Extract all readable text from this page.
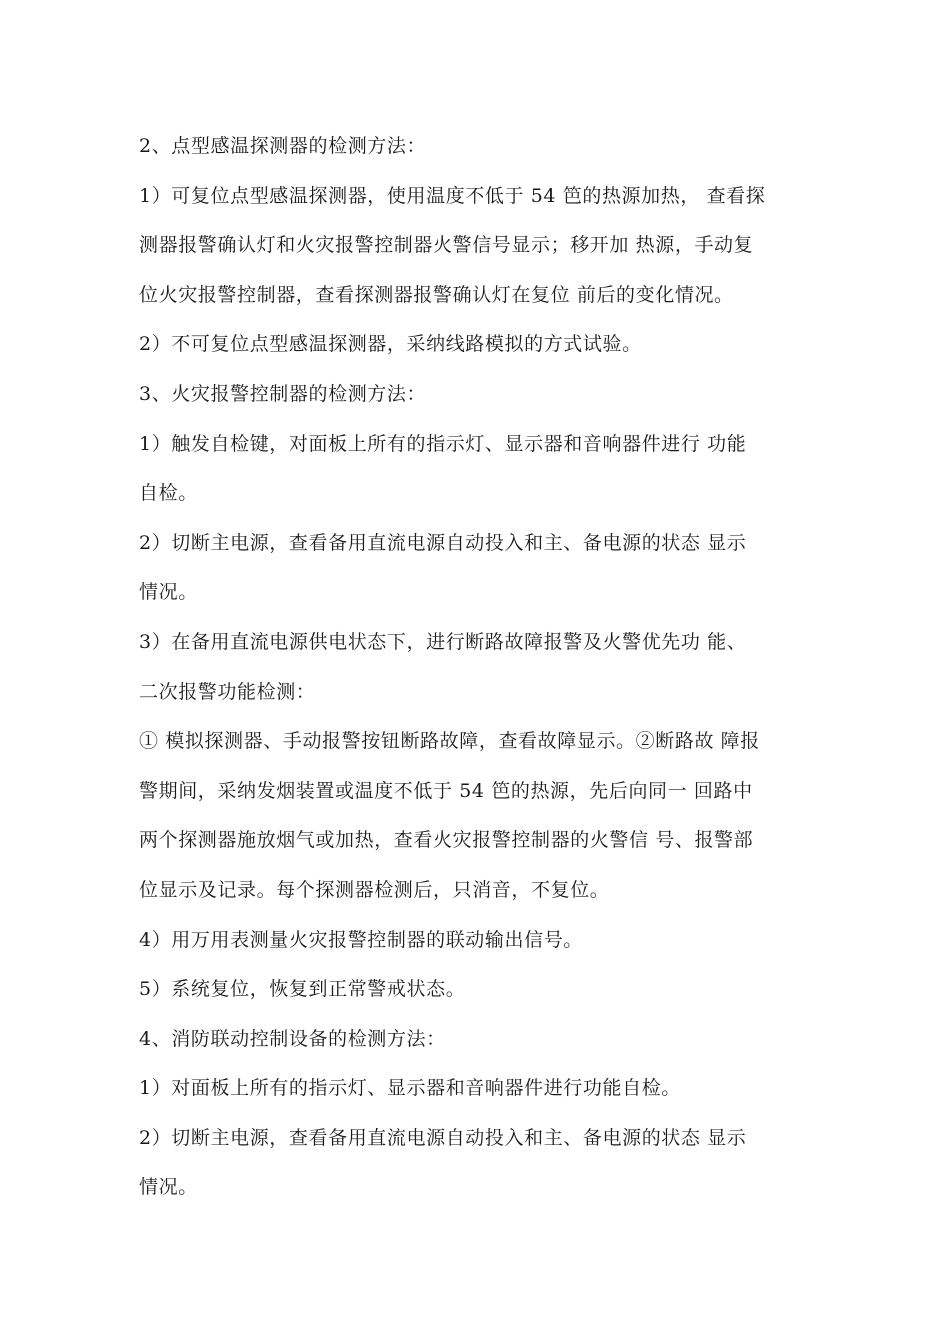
2、点型感温探测器的检测方法：
1）可复位点型感温探测器，使用温度不低于 54 笆的热源加热， 查看探
测器报警确认灯和火灾报警控制器火警信号显示；移开加 热源，手动复
位火灾报警控制器，查看探测器报警确认灯在复位 前后的变化情况。
2）不可复位点型感温探测器，采纳线路模拟的方式试验。
3、火灾报警控制器的检测方法：
1）触发自检键，对面板上所有的指示灯、显示器和音响器件进行 功能
自检。
2）切断主电源，查看备用直流电源自动投入和主、备电源的状态 显示
情况。
3）在备用直流电源供电状态下，进行断路故障报警及火警优先功 能、
二次报警功能检测：
① 模拟探测器、手动报警按钮断路故障，查看故障显示。②断路故 障报
警期间，采纳发烟装置或温度不低于 54 笆的热源，先后向同一 回路中
两个探测器施放烟气或加热，查看火灾报警控制器的火警信 号、报警部
位显示及记录。每个探测器检测后，只消音，不复位。
4）用万用表测量火灾报警控制器的联动输出信号。
5）系统复位，恢复到正常警戒状态。
4、消防联动控制设备的检测方法：
1）对面板上所有的指示灯、显示器和音响器件进行功能自检。
2）切断主电源，查看备用直流电源自动投入和主、备电源的状态 显示
情况。
